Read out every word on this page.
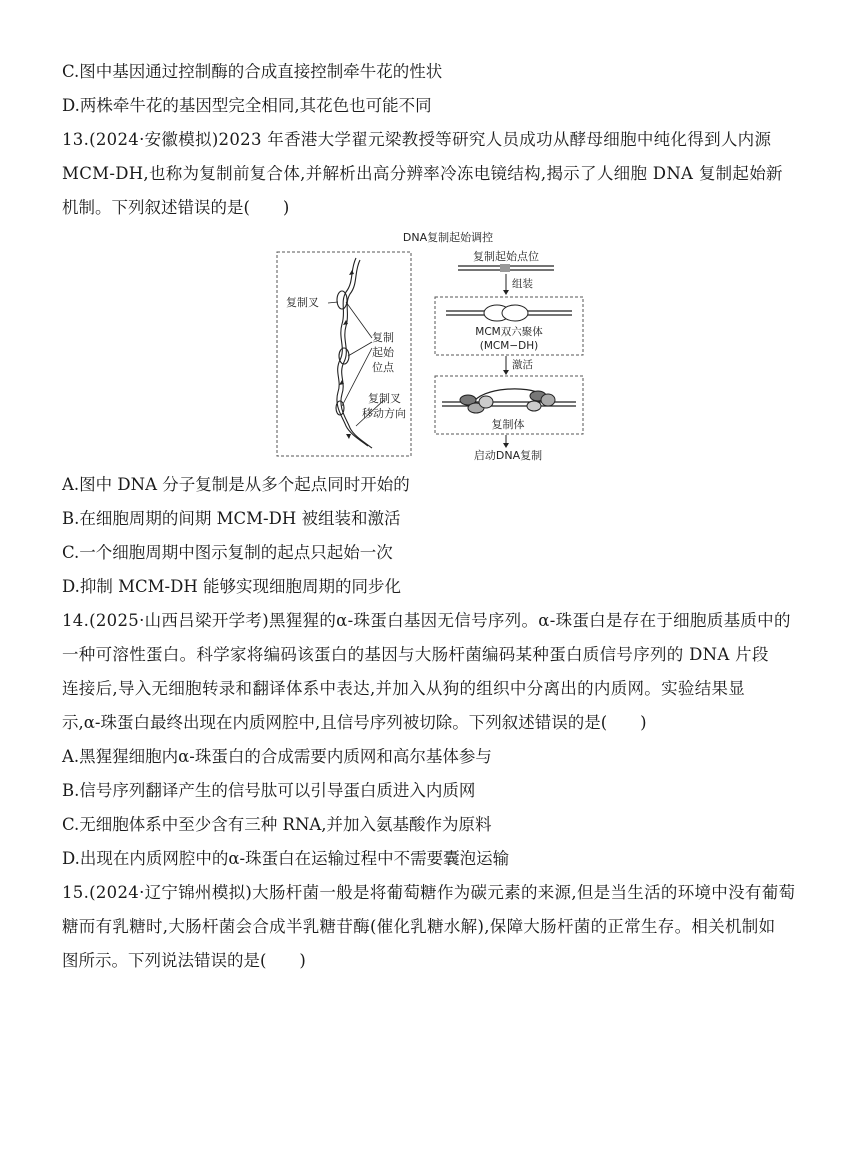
C.图中基因通过控制酶的合成直接控制牵牛花的性状
D.两株牵牛花的基因型完全相同,其花色也可能不同
13.(2024·安徽模拟)2023 年香港大学翟元梁教授等研究人员成功从酵母细胞中纯化得到人内源
MCM-DH,也称为复制前复合体,并解析出高分辨率冷冻电镜结构,揭示了人细胞 DNA 复制起始新
机制。下列叙述错误的是(　　)
DNA复制起始调控
复制叉
复制
起始
位点
复制叉
移动方向
复制起始点位
组装
MCM双六聚体
(MCM−DH)
激活
复制体
启动DNA复制
A.图中 DNA 分子复制是从多个起点同时开始的
B.在细胞周期的间期 MCM-DH 被组装和激活
C.一个细胞周期中图示复制的起点只起始一次
D.抑制 MCM-DH 能够实现细胞周期的同步化
14.(2025·山西吕梁开学考)黑猩猩的α-珠蛋白基因无信号序列。α-珠蛋白是存在于细胞质基质中的
一种可溶性蛋白。科学家将编码该蛋白的基因与大肠杆菌编码某种蛋白质信号序列的 DNA 片段
连接后,导入无细胞转录和翻译体系中表达,并加入从狗的组织中分离出的内质网。实验结果显
示,α-珠蛋白最终出现在内质网腔中,且信号序列被切除。下列叙述错误的是(　　)
A.黑猩猩细胞内α-珠蛋白的合成需要内质网和高尔基体参与
B.信号序列翻译产生的信号肽可以引导蛋白质进入内质网
C.无细胞体系中至少含有三种 RNA,并加入氨基酸作为原料
D.出现在内质网腔中的α-珠蛋白在运输过程中不需要囊泡运输
15.(2024·辽宁锦州模拟)大肠杆菌一般是将葡萄糖作为碳元素的来源,但是当生活的环境中没有葡萄
糖而有乳糖时,大肠杆菌会合成半乳糖苷酶(催化乳糖水解),保障大肠杆菌的正常生存。相关机制如
图所示。下列说法错误的是(　　)
